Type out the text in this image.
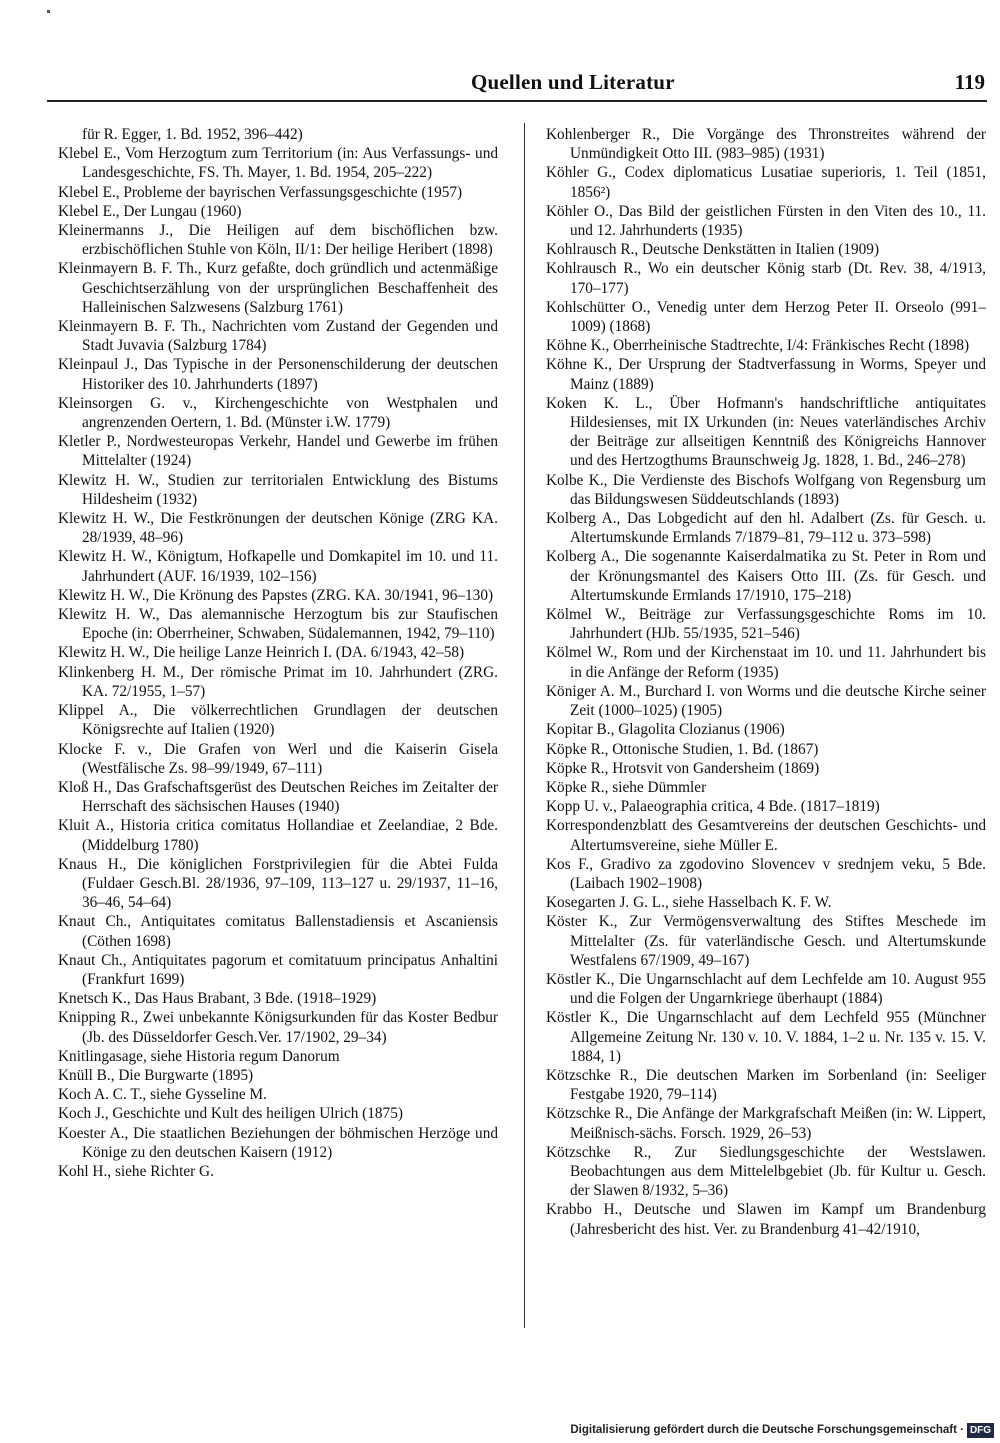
Quellen und Literatur	119

für R. Egger, 1. Bd. 1952, 396–442)

Klebel E., Vom Herzogtum zum Territorium (in: Aus Verfassungs- und Landesgeschichte, FS. Th. Mayer, 1. Bd. 1954, 205–222)

Klebel E., Probleme der bayrischen Verfassungsgeschichte (1957)

Klebel E., Der Lungau (1960)

Kleinermanns J., Die Heiligen auf dem bischöflichen bzw. erzbischöflichen Stuhle von Köln, II/1: Der heilige Heribert (1898)

Kleinmayern B. F. Th., Kurz gefaßte, doch gründlich und actenmäßige Geschichtserzählung von der ursprünglichen Beschaffenheit des Halleinischen Salzwesens (Salzburg 1761)

Kleinmayern B. F. Th., Nachrichten vom Zustand der Gegenden und Stadt Juvavia (Salzburg 1784)

Kleinpaul J., Das Typische in der Personenschilderung der deutschen Historiker des 10. Jahrhunderts (1897)

Kleinsorgen G. v., Kirchengeschichte von Westphalen und angrenzenden Oertern, 1. Bd. (Münster i.W. 1779)

Kletler P., Nordwesteuropas Verkehr, Handel und Gewerbe im frühen Mittelalter (1924)

Klewitz H. W., Studien zur territorialen Entwicklung des Bistums Hildesheim (1932)

Klewitz H. W., Die Festkrönungen der deutschen Könige (ZRG KA. 28/1939, 48–96)

Klewitz H. W., Königtum, Hofkapelle und Domkapitel im 10. und 11. Jahrhundert (AUF. 16/1939, 102–156)

Klewitz H. W., Die Krönung des Papstes (ZRG. KA. 30/1941, 96–130)

Klewitz H. W., Das alemannische Herzogtum bis zur Staufischen Epoche (in: Oberrheiner, Schwaben, Südalemannen, 1942, 79–110)

Klewitz H. W., Die heilige Lanze Heinrich I. (DA. 6/1943, 42–58)

Klinkenberg H. M., Der römische Primat im 10. Jahrhundert (ZRG. KA. 72/1955, 1–57)

Klippel A., Die völkerrechtlichen Grundlagen der deutschen Königsrechte auf Italien (1920)

Klocke F. v., Die Grafen von Werl und die Kaiserin Gisela (Westfälische Zs. 98–99/1949, 67–111)

Kloß H., Das Grafschaftsgerüst des Deutschen Reiches im Zeitalter der Herrschaft des sächsischen Hauses (1940)

Kluit A., Historia critica comitatus Hollandiae et Zeelandiae, 2 Bde. (Middelburg 1780)

Knaus H., Die königlichen Forstprivilegien für die Abtei Fulda (Fuldaer Gesch.Bl. 28/1936, 97–109, 113–127 u. 29/1937, 11–16, 36–46, 54–64)

Knaut Ch., Antiquitates comitatus Ballenstadiensis et Ascaniensis (Cöthen 1698)

Knaut Ch., Antiquitates pagorum et comitatuum principatus Anhaltini (Frankfurt 1699)

Knetsch K., Das Haus Brabant, 3 Bde. (1918–1929)

Knipping R., Zwei unbekannte Königsurkunden für das Koster Bedbur (Jb. des Düsseldorfer Gesch.Ver. 17/1902, 29–34)

Knitlingasage, siehe Historia regum Danorum

Knüll B., Die Burgwarte (1895)

Koch A. C. T., siehe Gysseline M.

Koch J., Geschichte und Kult des heiligen Ulrich (1875)

Koester A., Die staatlichen Beziehungen der böhmischen Herzöge und Könige zu den deutschen Kaisern (1912)

Kohl H., siehe Richter G.

Kohlenberger R., Die Vorgänge des Thronstreites während der Unmündigkeit Otto III. (983–985) (1931)

Köhler G., Codex diplomaticus Lusatiae superioris, 1. Teil (1851, 1856²)

Köhler O., Das Bild der geistlichen Fürsten in den Viten des 10., 11. und 12. Jahrhunderts (1935)

Kohlrausch R., Deutsche Denkstätten in Italien (1909)

Kohlrausch R., Wo ein deutscher König starb (Dt. Rev. 38, 4/1913, 170–177)

Kohlschütter O., Venedig unter dem Herzog Peter II. Orseolo (991–1009) (1868)

Köhne K., Oberrheinische Stadtrechte, I/4: Fränkisches Recht (1898)

Köhne K., Der Ursprung der Stadtverfassung in Worms, Speyer und Mainz (1889)

Koken K. L., Über Hofmann's handschriftliche antiquitates Hildesienses, mit IX Urkunden (in: Neues vaterländisches Archiv der Beiträge zur allseitigen Kenntniß des Königreichs Hannover und des Hertzogthums Braunschweig Jg. 1828, 1. Bd., 246–278)

Kolbe K., Die Verdienste des Bischofs Wolfgang von Regensburg um das Bildungswesen Süddeutschlands (1893)

Kolberg A., Das Lobgedicht auf den hl. Adalbert (Zs. für Gesch. u. Altertumskunde Ermlands 7/1879–81, 79–112 u. 373–598)

Kolberg A., Die sogenannte Kaiserdalmatika zu St. Peter in Rom und der Krönungsmantel des Kaisers Otto III. (Zs. für Gesch. und Altertumskunde Ermlands 17/1910, 175–218)

Kölmel W., Beiträge zur Verfassungsgeschichte Roms im 10. Jahrhundert (HJb. 55/1935, 521–546)

Kölmel W., Rom und der Kirchenstaat im 10. und 11. Jahrhundert bis in die Anfänge der Reform (1935)

Königer A. M., Burchard I. von Worms und die deutsche Kirche seiner Zeit (1000–1025) (1905)

Kopitar B., Glagolita Clozianus (1906)

Köpke R., Ottonische Studien, 1. Bd. (1867)

Köpke R., Hrotsvit von Gandersheim (1869)

Köpke R., siehe Dümmler

Kopp U. v., Palaeographia critica, 4 Bde. (1817–1819)

Korrespondenzblatt des Gesamtvereins der deutschen Geschichts- und Altertumsvereine, siehe Müller E.

Kos F., Gradivo za zgodovino Slovencev v srednjem veku, 5 Bde. (Laibach 1902–1908)

Kosegarten J. G. L., siehe Hasselbach K. F. W.

Köster K., Zur Vermögensverwaltung des Stiftes Meschede im Mittelalter (Zs. für vaterländische Gesch. und Altertumskunde Westfalens 67/1909, 49–167)

Köstler K., Die Ungarnschlacht auf dem Lechfelde am 10. August 955 und die Folgen der Ungarnkriege überhaupt (1884)

Köstler K., Die Ungarnschlacht auf dem Lechfeld 955 (Münchner Allgemeine Zeitung Nr. 130 v. 10. V. 1884, 1–2 u. Nr. 135 v. 15. V. 1884, 1)

Kötzschke R., Die deutschen Marken im Sorbenland (in: Seeliger Festgabe 1920, 79–114)

Kötzschke R., Die Anfänge der Markgrafschaft Meißen (in: W. Lippert, Meißnisch-sächs. Forsch. 1929, 26–53)

Kötzschke R., Zur Siedlungsgeschichte der Westslawen. Beobachtungen aus dem Mittelelbgebiet (Jb. für Kultur u. Gesch. der Slawen 8/1932, 5–36)

Krabbo H., Deutsche und Slawen im Kampf um Brandenburg (Jahresbericht des hist. Ver. zu Brandenburg 41–42/1910,

Digitalisierung gefördert durch die Deutsche Forschungsgemeinschaft · DFG
